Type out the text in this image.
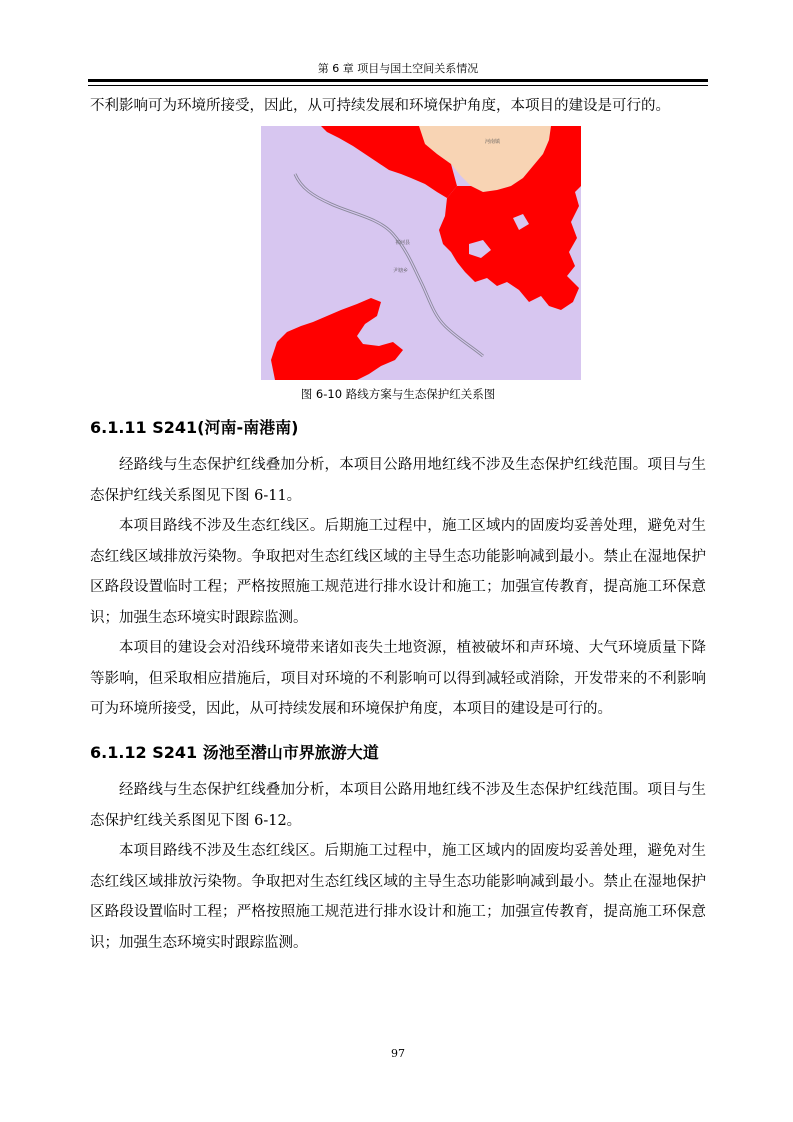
第 6 章 项目与国土空间关系情况

不利影响可为环境所接受，因此，从可持续发展和环境保护角度，本项目的建设是可行的。

河南镇
祁河县
尹塘乡
图 6-10 路线方案与生态保护红关系图
6.1.11 S241(河南-南港南)

经路线与生态保护红线叠加分析，本项目公路用地红线不涉及生态保护红线范围。项目与生态保护红线关系图见下图 6-11。

本项目路线不涉及生态红线区。后期施工过程中，施工区域内的固废均妥善处理，避免对生态红线区域排放污染物。争取把对生态红线区域的主导生态功能影响减到最小。禁止在湿地保护区路段设置临时工程；严格按照施工规范进行排水设计和施工；加强宣传教育，提高施工环保意识；加强生态环境实时跟踪监测。

本项目的建设会对沿线环境带来诸如丧失土地资源，植被破坏和声环境、大气环境质量下降等影响，但采取相应措施后，项目对环境的不利影响可以得到减轻或消除，开发带来的不利影响可为环境所接受，因此，从可持续发展和环境保护角度，本项目的建设是可行的。

6.1.12 S241 汤池至潜山市界旅游大道

经路线与生态保护红线叠加分析，本项目公路用地红线不涉及生态保护红线范围。项目与生态保护红线关系图见下图 6-12。

本项目路线不涉及生态红线区。后期施工过程中，施工区域内的固废均妥善处理，避免对生态红线区域排放污染物。争取把对生态红线区域的主导生态功能影响减到最小。禁止在湿地保护区路段设置临时工程；严格按照施工规范进行排水设计和施工；加强宣传教育，提高施工环保意识；加强生态环境实时跟踪监测。

97
